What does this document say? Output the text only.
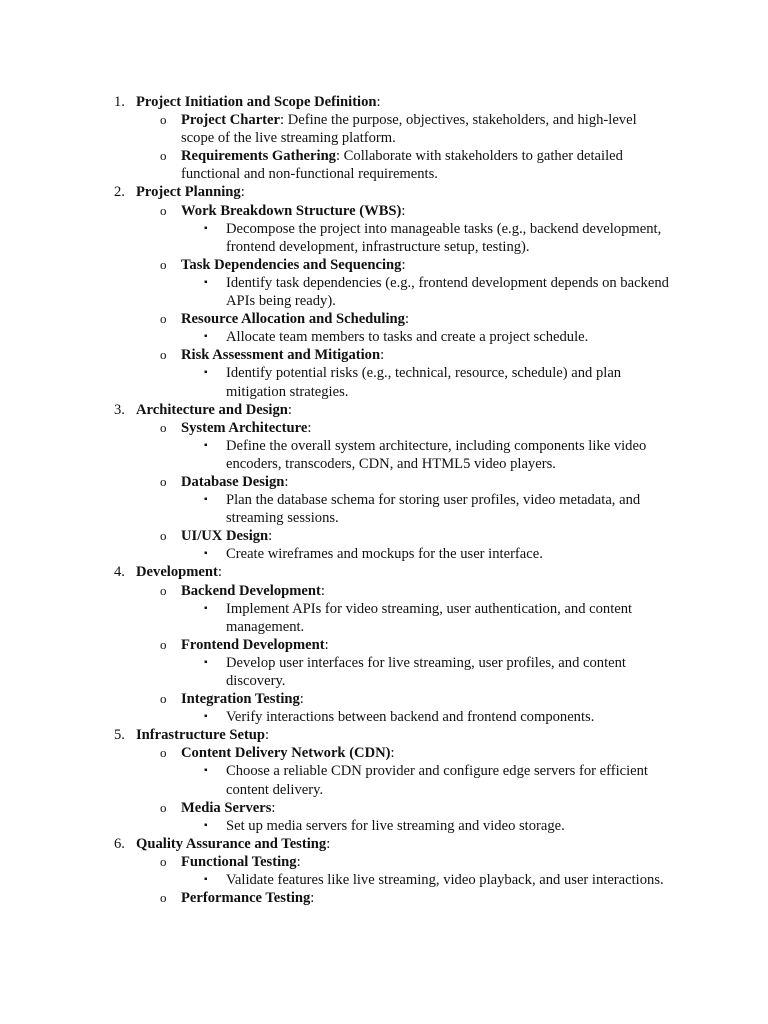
1. Project Initiation and Scope Definition:
o Project Charter: Define the purpose, objectives, stakeholders, and high-level scope of the live streaming platform.
o Requirements Gathering: Collaborate with stakeholders to gather detailed functional and non-functional requirements.
2. Project Planning:
o Work Breakdown Structure (WBS):
▪ Decompose the project into manageable tasks (e.g., backend development, frontend development, infrastructure setup, testing).
o Task Dependencies and Sequencing:
▪ Identify task dependencies (e.g., frontend development depends on backend APIs being ready).
o Resource Allocation and Scheduling:
▪ Allocate team members to tasks and create a project schedule.
o Risk Assessment and Mitigation:
▪ Identify potential risks (e.g., technical, resource, schedule) and plan mitigation strategies.
3. Architecture and Design:
o System Architecture:
▪ Define the overall system architecture, including components like video encoders, transcoders, CDN, and HTML5 video players.
o Database Design:
▪ Plan the database schema for storing user profiles, video metadata, and streaming sessions.
o UI/UX Design:
▪ Create wireframes and mockups for the user interface.
4. Development:
o Backend Development:
▪ Implement APIs for video streaming, user authentication, and content management.
o Frontend Development:
▪ Develop user interfaces for live streaming, user profiles, and content discovery.
o Integration Testing:
▪ Verify interactions between backend and frontend components.
5. Infrastructure Setup:
o Content Delivery Network (CDN):
▪ Choose a reliable CDN provider and configure edge servers for efficient content delivery.
o Media Servers:
▪ Set up media servers for live streaming and video storage.
6. Quality Assurance and Testing:
o Functional Testing:
▪ Validate features like live streaming, video playback, and user interactions.
o Performance Testing:
